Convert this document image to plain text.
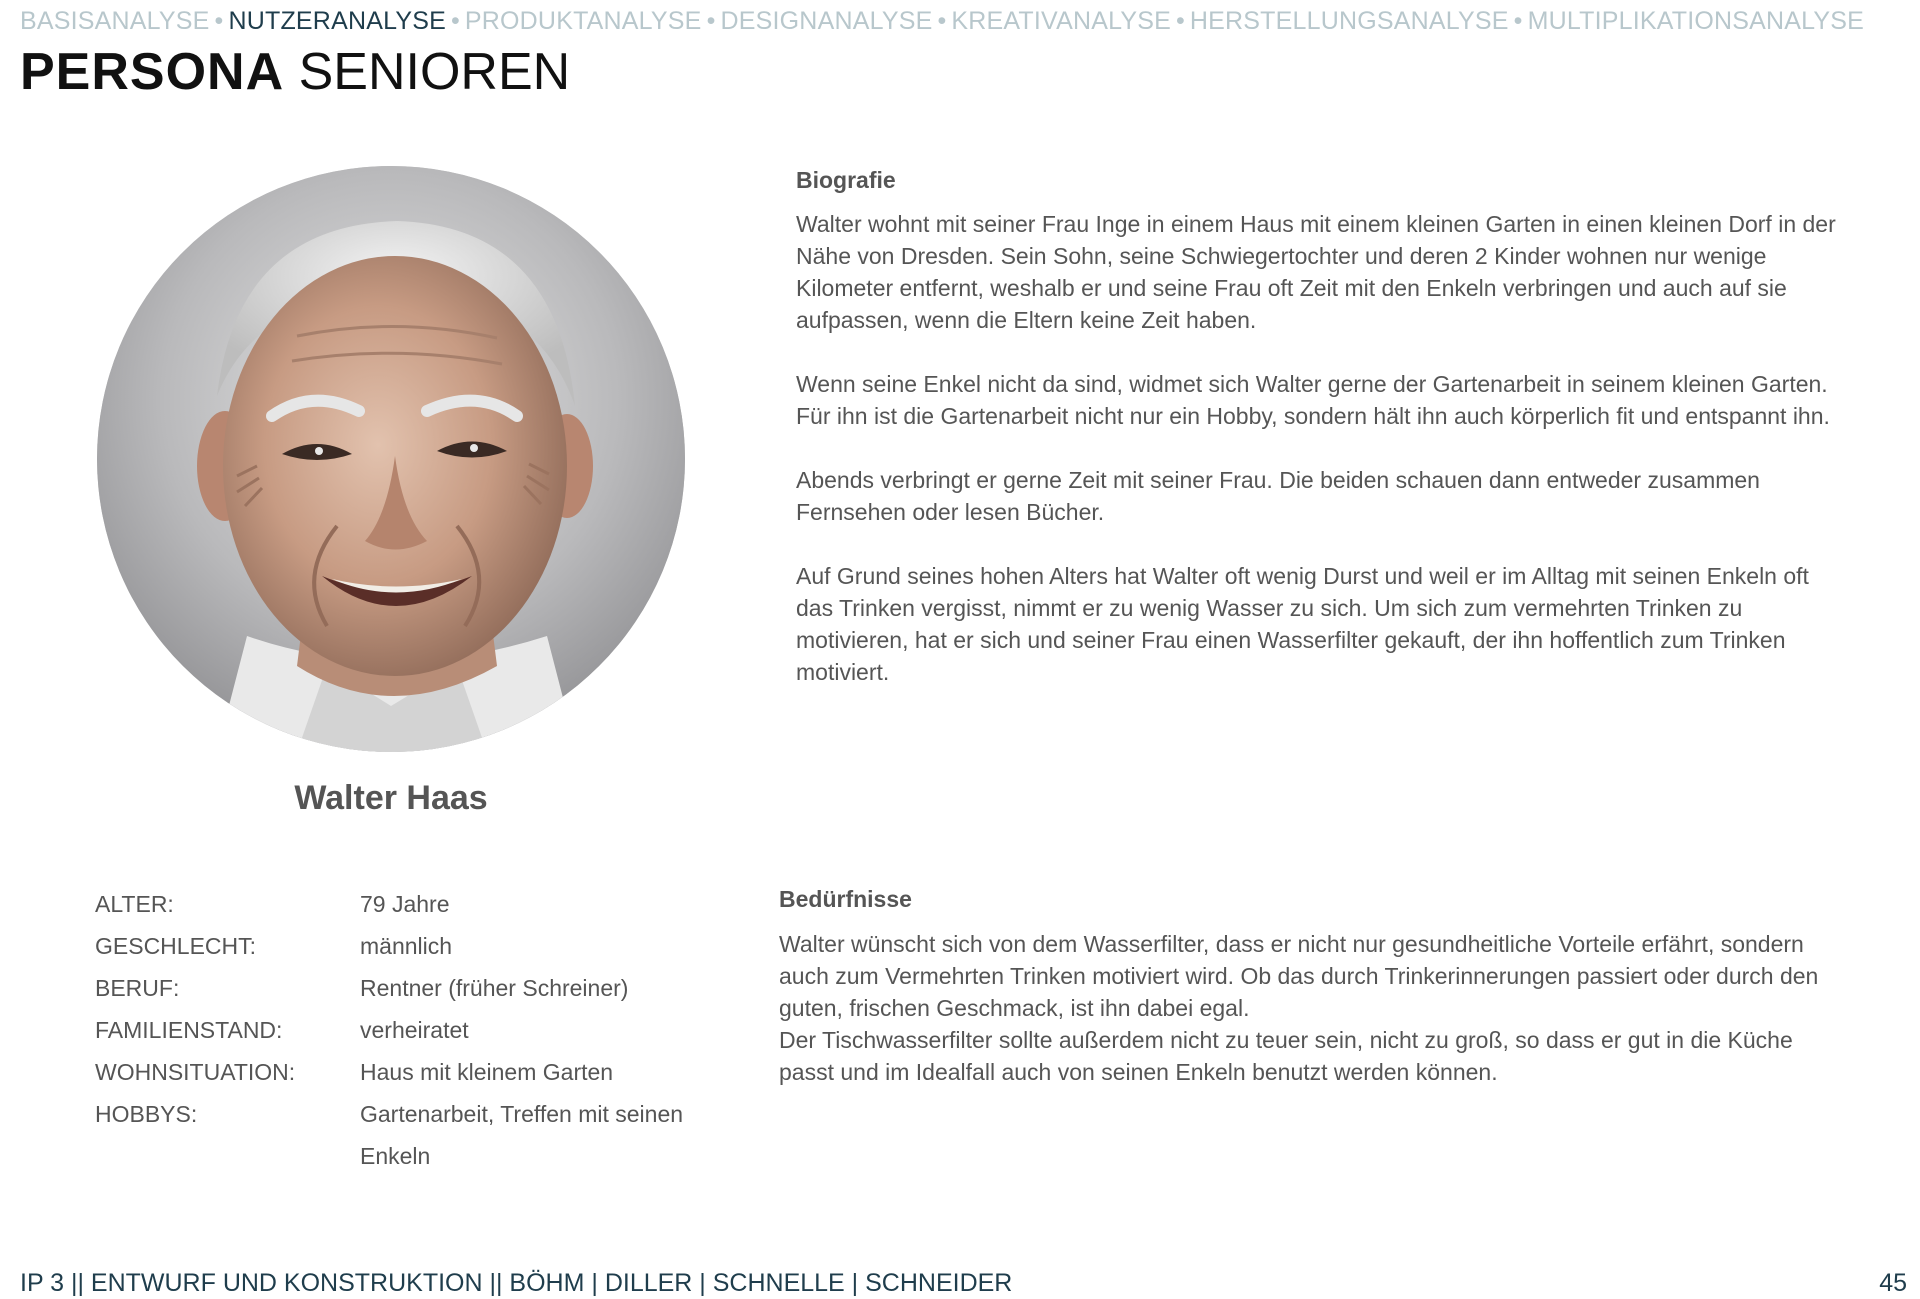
BASISANALYSE • NUTZERANALYSE • PRODUKTANALYSE • DESIGNANALYSE • KREATIVANALYSE • HERSTELLUNGSANALYSE • MULTIPLIKATIONSANALYSE
PERSONA SENIOREN
Walter Haas
Biografie

Walter wohnt mit seiner Frau Inge in einem Haus mit einem kleinen Garten in einen kleinen Dorf in der Nähe von Dresden. Sein Sohn, seine Schwiegertochter und deren 2 Kinder wohnen nur wenige Kilometer entfernt, weshalb er und seine Frau oft Zeit mit den Enkeln verbringen und auch auf sie aufpassen, wenn die Eltern keine Zeit haben.

Wenn seine Enkel nicht da sind, widmet sich Walter gerne der Gartenarbeit in seinem kleinen Garten. Für ihn ist die Gartenarbeit nicht nur ein Hobby, sondern hält ihn auch körperlich fit und entspannt ihn.

Abends verbringt er gerne Zeit mit seiner Frau. Die beiden schauen dann entweder zusammen Fernsehen oder lesen Bücher.

Auf Grund seines hohen Alters hat Walter oft wenig Durst und weil er im Alltag mit seinen Enkeln oft das Trinken vergisst, nimmt er zu wenig Wasser zu sich. Um sich zum vermehrten Trinken zu motivieren, hat er sich und seiner Frau einen Wasserfilter gekauft, der ihn hoffentlich zum Trinken motiviert.

ALTER:	79 Jahre
GESCHLECHT:	männlich
BERUF:	Rentner (früher Schreiner)
FAMILIENSTAND:	verheiratet
WOHNSITUATION:	Haus mit kleinem Garten
HOBBYS:	Gartenarbeit, Treffen mit seinen Enkeln
Bedürfnisse

Walter wünscht sich von dem Wasserfilter, dass er nicht nur gesundheitliche Vorteile erfährt, sondern auch zum Vermehrten Trinken motiviert wird. Ob das durch Trinkerinnerungen passiert oder durch den guten, frischen Geschmack, ist ihn dabei egal.

Der Tischwasserfilter sollte außerdem nicht zu teuer sein, nicht zu groß, so dass er gut in die Küche passt und im Idealfall auch von seinen Enkeln benutzt werden können.

IP 3 || ENTWURF UND KONSTRUKTION || BÖHM | DILLER | SCHNELLE | SCHNEIDER	45
